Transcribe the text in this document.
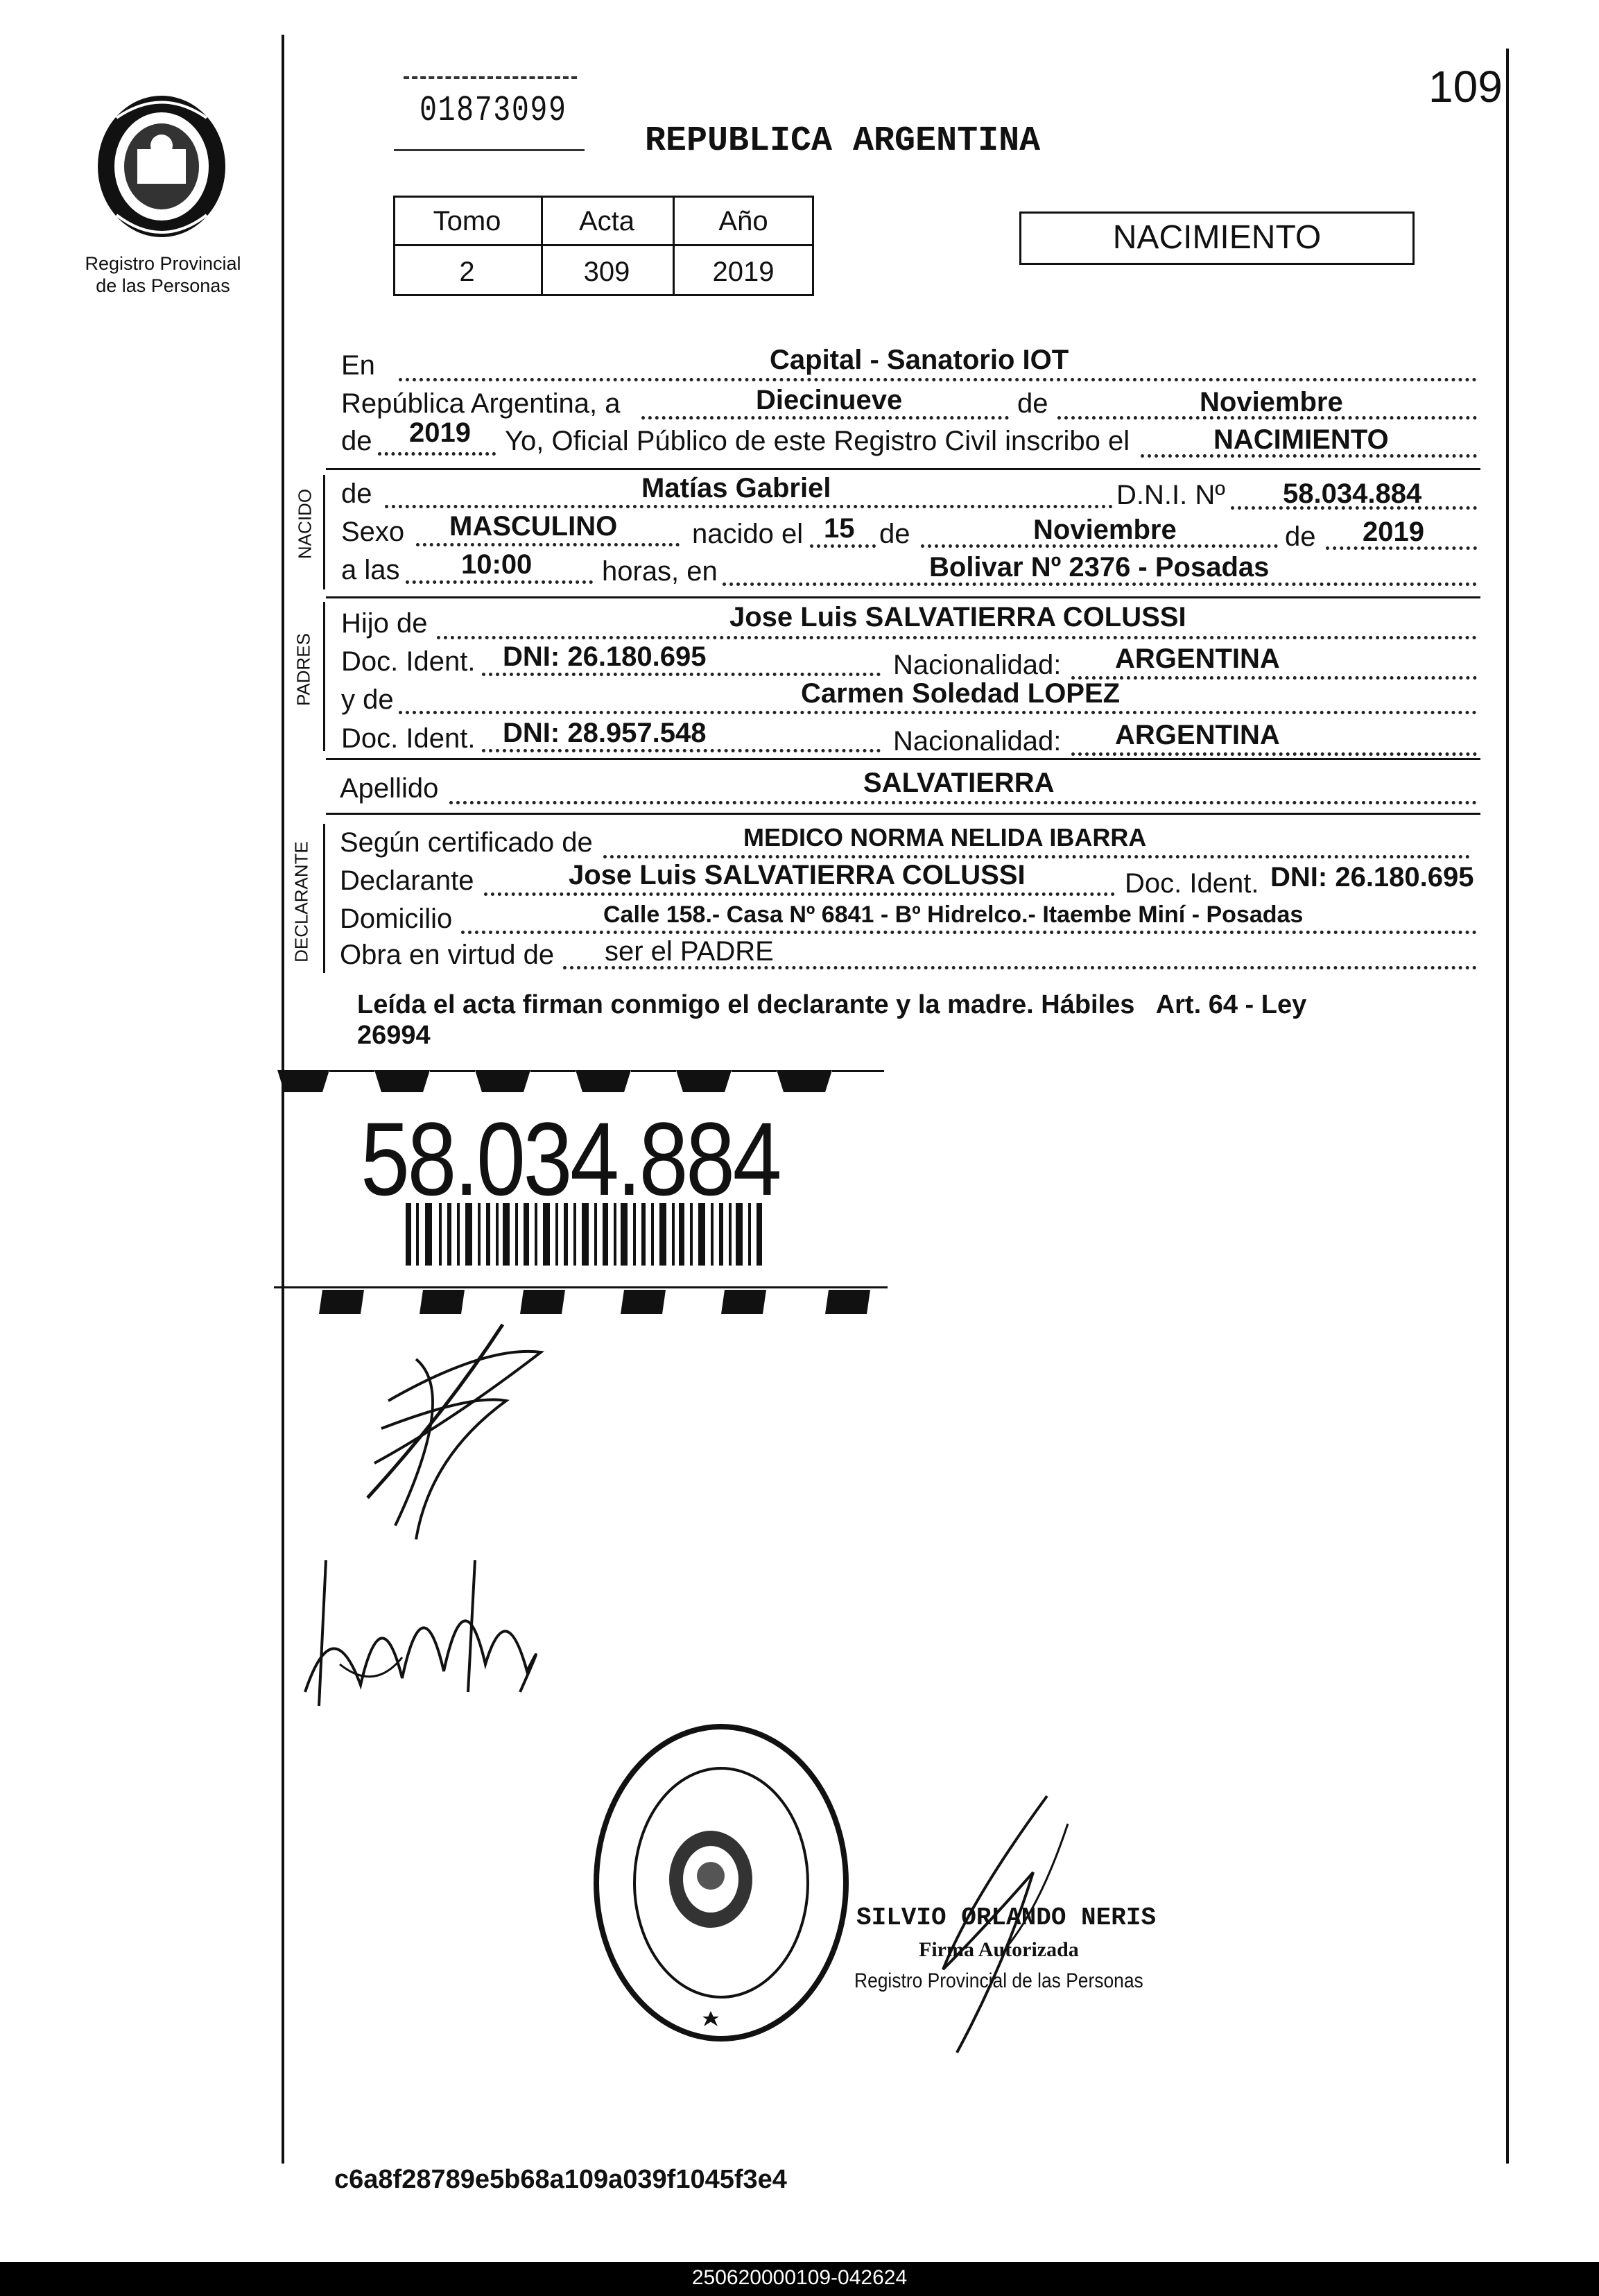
109
Registro Provincial
de las Personas
01873099
REPUBLICA ARGENTINA
Tomo	Acta	Año
2	309	2019
NACIMIENTO
En	Capital - Sanatorio IOT
República Argentina, a	Diecinueve	de	Noviembre
de 2019 Yo, Oficial Público de este Registro Civil inscribo el	NACIMIENTO
NACIDO de	Matías Gabriel	D.N.I. Nº 58.034.884
Sexo MASCULINO	nacido el 15 de	Noviembre	de 2019
a las 10:00	horas, en	Bolivar Nº 2376 - Posadas
PADRES
Hijo de	Jose Luis SALVATIERRA COLUSSI
Doc. Ident. DNI: 26.180.695	Nacionalidad: ARGENTINA
y de	Carmen Soledad LOPEZ
Doc. Ident. DNI: 28.957.548	Nacionalidad: ARGENTINA
Apellido	SALVATIERRA
DECLARANTE Según certificado de	MEDICO NORMA NELIDA IBARRA
Declarante	Jose Luis SALVATIERRA COLUSSI	Doc. Ident. DNI: 26.180.695
Domicilio	Calle 158.- Casa Nº 6841 - Bº Hidrelco.- Itaembe Miní - Posadas
Obra en virtud de ser el PADRE
Leída el acta firman conmigo el declarante y la madre. Hábiles   Art. 64 - Ley
26994
58.034.884
SILVIO ORLANDO NERIS
Firma Autorizada
Registro Provincial de las Personas
c6a8f28789e5b68a109a039f1045f3e4
250620000109-042624
